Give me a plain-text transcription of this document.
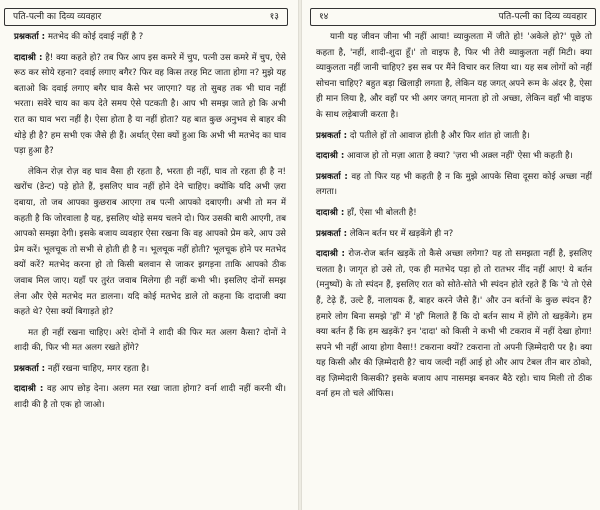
पति-पत्नी का दिव्य व्यवहार	१३

प्रश्नकर्ता : मतभेद की कोई दवाई नहीं है ?

दादाश्री : है! क्या कहते हो? तब फिर आप इस कमरे में चुप, पत्नी उस कमरे में चुप, ऐसे रूठ कर सोये रहना? दवाई लगाए बगैर? फिर वह किस तरह मिट जाता होगा न? मुझे यह बताओ कि दवाई लगाए बगैर घाव कैसे भर जाएगा? यह तो सुबह तक भी घाव नहीं भरता। सवेरे चाय का कप देते समय ऐसे पटकती है। आप भी समझ जाते हो कि अभी रात का घाव भरा नहीं है। ऐसा होता है या नहीं होता? यह बात कुछ अनुभव से बाहर की थोड़े ही है? हम सभी एक जैसे ही हैं। अर्थात् ऐसा क्यों हुआ कि अभी भी मतभेद का घाव पड़ा हुआ है?

लेकिन रोज़ रोज़ वह घाव वैसा ही रहता है, भरता ही नहीं, घाव तो रहता ही है न! खरोंच (डेन्ट) पड़े होते हैं, इसलिए घाव नहीं होने देने चाहिए। क्योंकि यदि अभी ज़रा दबाया, तो जब आपका कुछराब आएगा तब पत्नी आपको दबाएगी। अभी तो मन में कहती है कि जोरवाला है यह, इसलिए थोड़े समय चलने दो। फिर उसकी बारी आएगी, तब आपको समझा देगी। इसके बजाय व्यवहार ऐसा रखना कि वह आपको प्रेम करे, आप उसे प्रेम करें। भूलचूक तो सभी से होती ही है न। भूलचूक नहीं होती? भूलचूक होने पर मतभेद क्यों करें? मतभेद करना हो तो किसी बलवान से जाकर झगड़ना ताकि आपको ठीक जवाब मिल जाए। यहाँ पर तुरंत जवाब मिलेगा ही नहीं कभी भी। इसलिए दोनों समझ लेना और ऐसे मतभेद मत डालना। यदि कोई मतभेद डाले तो कहना कि दादाजी क्या कहते थे? ऐसा क्यों बिगाड़ते हो?

मत ही नहीं रखना चाहिए। अरे! दोनों ने शादी की फिर मत अलग कैसा? दोनों ने शादी की, फिर भी मत अलग रखते होंगे?

प्रश्नकर्ता : नहीं रखना चाहिए, मगर रहता है।

दादाश्री : वह आप छोड़ देना। अलग मत रखा जाता होगा? वर्ना शादी नहीं करनी थी। शादी की है तो एक हो जाओ।

१४	पति-पत्नी का दिव्य व्यवहार

यानी यह जीवन जीना भी नहीं आया! व्याकुलता में जीते हो! 'अकेले हो?' पूछे तो कहता है, 'नहीं, शादी-शुदा हूँ।' तो वाइफ है, फिर भी तेरी व्याकुलता नहीं मिटी। क्या व्याकुलता नहीं जानी चाहिए? इस सब पर मैंने विचार कर लिया था। यह सब लोगों को नहीं सोचना चाहिए? बहुत बड़ा खिलाड़ी लगता है, लेकिन यह जगत् अपने रूम के अंदर है, ऐसा ही मान लिया है, और वहाँ पर भी अगर जगत् मानता हो तो अच्छा, लेकिन वहाँ भी वाइफ के साथ लड़ेबाजी करता है।

प्रश्नकर्ता : दो पतीले हों तो आवाज होती है और फिर शांत हो जाती है।

दादाश्री : आवाज हो तो मज़ा आता है क्या? 'ज़रा भी अक़्ल नहीं' ऐसा भी कहती है।

प्रश्नकर्ता : वह तो फिर यह भी कहती है न कि मुझे आपके सिवा दूसरा कोई अच्छा नहीं लगता।

दादाश्री : हाँ, ऐसा भी बोलती है!

प्रश्नकर्ता : लेकिन बर्तन घर में खड़केंगे ही न?

दादाश्री : रोज-रोज बर्तन खड़कें तो कैसे अच्छा लगेगा? यह तो समझता नहीं है, इसलिए चलता है। जागृत हो उसे तो, एक ही मतभेद पड़ा हो तो रातभर नींद नहीं आए! ये बर्तन (मनुष्यों) के तो स्पंदन हैं, इसलिए रात को सोते-सोते भी स्पंदन होते रहते हैं कि 'ये तो ऐसे हैं, टेढ़े हैं, उल्टे हैं, नालायक हैं, बाहर करने जैसे हैं।' और उन बर्तनों के कुछ स्पंदन हैं? हमारे लोग बिना समझे 'हाँ' में 'हाँ' मिलाते हैं कि दो बर्तन साथ में होंगे तो खड़केंगे। हम क्या बर्तन हैं कि हम खड़कें? इन 'दादा' को किसी ने कभी भी टकराव में नहीं देखा होगा! सपने भी नहीं आया होगा वैसा!! टकराना क्यों? टकराना तो अपनी ज़िम्मेदारी पर है। क्या यह किसी और की ज़िम्मेदारी है? चाय जल्दी नहीं आई हो और आप टेबल तीन बार ठोको, वह ज़िम्मेदारी किसकी? इसके बजाय आप नासमझ बनकर बैठे रहो। चाय मिली तो ठीक वर्ना हम तो चले ऑफिस।
